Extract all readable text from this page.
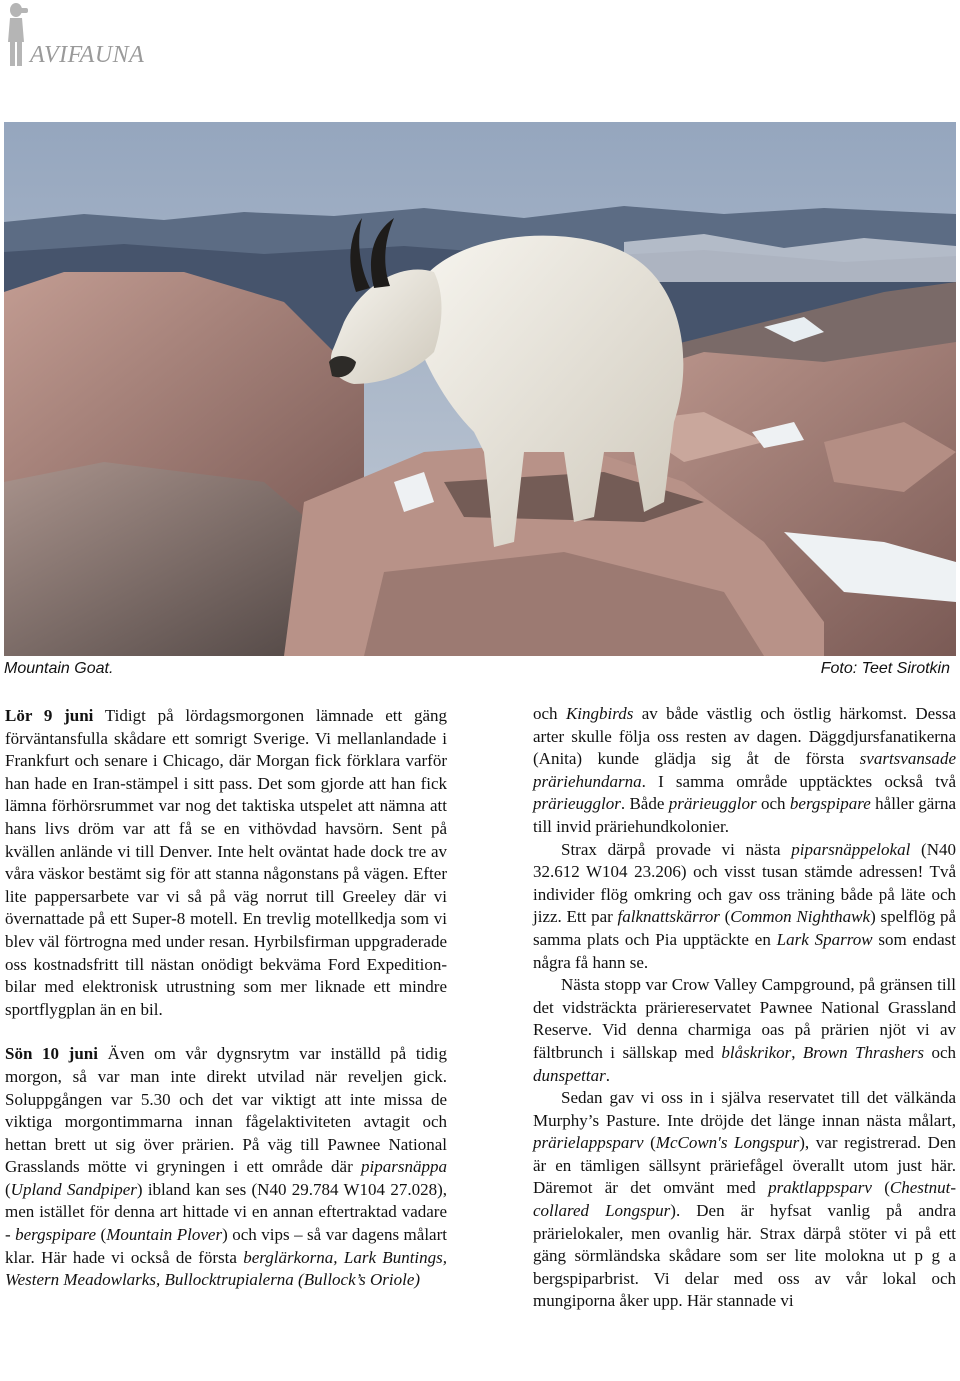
AVIFAUNA
Mountain Goat.	Foto: Teet Sirotkin

Lör 9 juni Tidigt på lördagsmorgonen lämnade ett gäng förväntansfulla skådare ett somrigt Sverige. Vi mellanlandade i Frankfurt och senare i Chicago, där Morgan fick förklara varför han hade en Iran-stämpel i sitt pass. Det som gjorde att han fick lämna förhörsrummet var nog det taktiska utspelet att nämna att hans livs dröm var att få se en vithövdad havsörn. Sent på kvällen anlände vi till Denver. Inte helt oväntat hade dock tre av våra väskor bestämt sig för att stanna någonstans på vägen. Efter lite pappersarbete var vi så på väg norrut till Greeley där vi övernattade på ett Super-8 motell. En trevlig motellkedja som vi blev väl förtrogna med under resan. Hyrbilsfirman uppgraderade oss kostnadsfritt till nästan onödigt bekväma Ford Expedition-bilar med elektronisk utrustning som mer liknade ett mindre sportflygplan än en bil.

Sön 10 juni Även om vår dygnsrytm var inställd på tidig morgon, så var man inte direkt utvilad när reveljen gick. Soluppgången var 5.30 och det var viktigt att inte missa de viktiga morgontimmarna innan fågelaktiviteten avtagit och hettan brett ut sig över prärien. På väg till Pawnee National Grasslands mötte vi gryningen i ett område där piparsnäppa (Upland Sandpiper) ibland kan ses (N40 29.784 W104 27.028), men istället för denna art hittade vi en annan eftertraktad vadare - bergspipare (Mountain Plover) och vips – så var dagens målart klar. Här hade vi också de första berglärkorna, Lark Buntings, Western Meadowlarks, Bullocktrupialerna (Bullock’s Oriole)

och Kingbirds av både västlig och östlig härkomst. Dessa arter skulle följa oss resten av dagen. Däggdjursfanatikerna (Anita) kunde glädja sig åt de första svartsvansade präriehundarna. I samma område upptäcktes också två prärieugglor. Både prärieugglor och bergspipare håller gärna till invid präriehundkolonier.

Strax därpå provade vi nästa piparsnäppelokal (N40 32.612 W104 23.206) och visst tusan stämde adressen! Två individer flög omkring och gav oss träning både på läte och jizz. Ett par falknattskärror (Common Nighthawk) spelflög på samma plats och Pia upptäckte en Lark Sparrow som endast några få hann se.

Nästa stopp var Crow Valley Campground, på gränsen till det vidsträckta präriereservatet Pawnee National Grassland Reserve. Vid denna charmiga oas på prärien njöt vi av fältbrunch i sällskap med blåskrikor, Brown Thrashers och dunspettar.

Sedan gav vi oss in i själva reservatet till det välkända Murphy’s Pasture. Inte dröjde det länge innan nästa målart, prärielappsparv (McCown's Longspur), var registrerad. Den är en tämligen sällsynt präriefågel överallt utom just här. Däremot är det omvänt med praktlappsparv (Chestnut-collared Longspur). Den är hyfsat vanlig på andra prärielokaler, men ovanlig här. Strax därpå stöter vi på ett gäng sörmländska skådare som ser lite molokna ut p g a bergspiparbrist. Vi delar med oss av vår lokal och mungiporna åker upp. Här stannade vi
